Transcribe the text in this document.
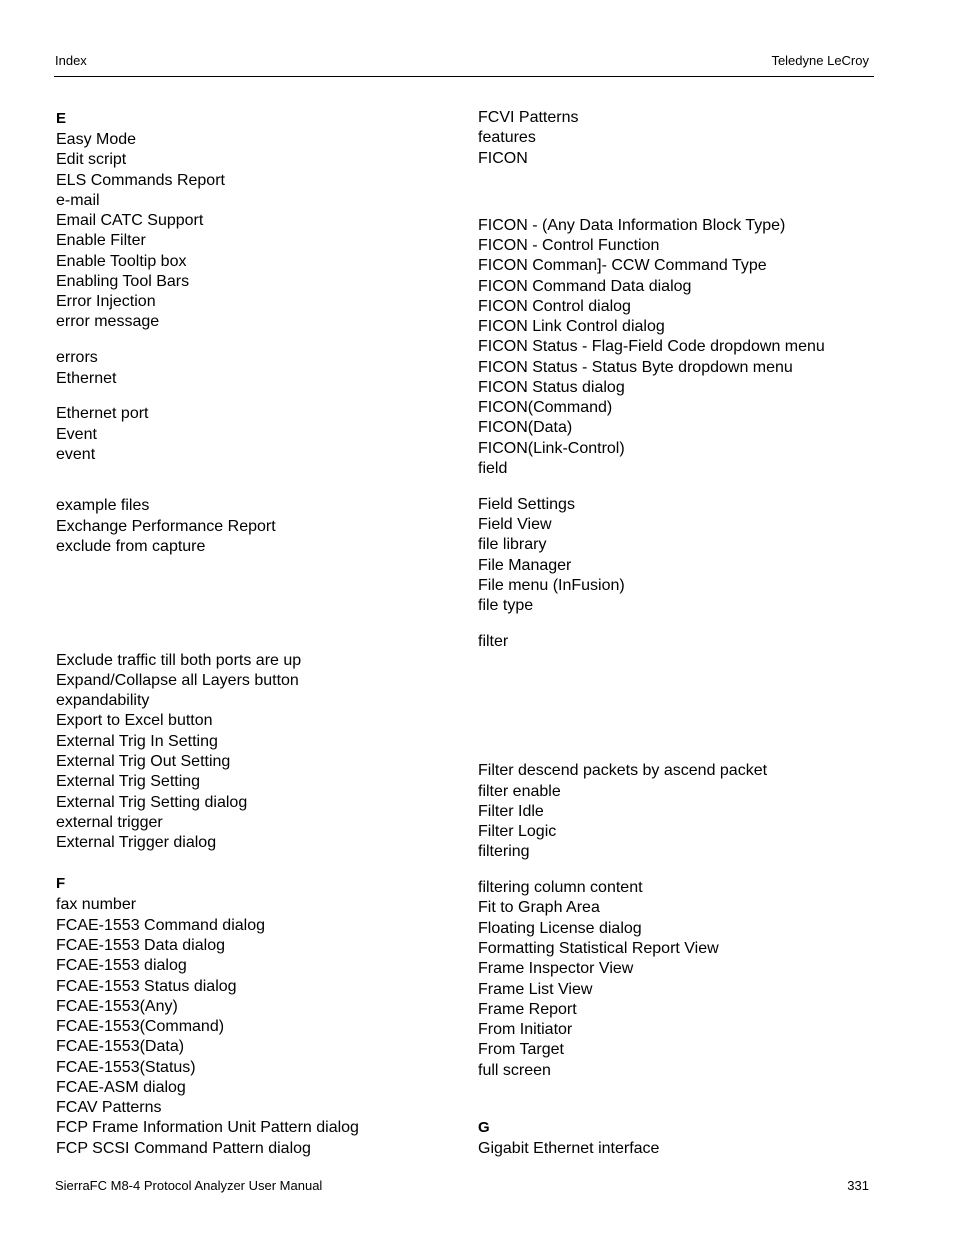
Index	Teledyne LeCroy
E
Easy Mode
Edit script
ELS Commands Report
e-mail
Email CATC Support
Enable Filter
Enable Tooltip box
Enabling Tool Bars
Error Injection
error message
errors
Ethernet
Ethernet port
Event
event
example files
Exchange Performance Report
exclude from capture
Exclude traffic till both ports are up
Expand/Collapse all Layers button
expandability
Export to Excel button
External Trig In Setting
External Trig Out Setting
External Trig Setting
External Trig Setting dialog
external trigger
External Trigger dialog
F
fax number
FCAE-1553 Command dialog
FCAE-1553 Data dialog
FCAE-1553 dialog
FCAE-1553 Status dialog
FCAE-1553(Any)
FCAE-1553(Command)
FCAE-1553(Data)
FCAE-1553(Status)
FCAE-ASM dialog
FCAV Patterns
FCP Frame Information Unit Pattern dialog
FCP SCSI Command Pattern dialog
FCVI Patterns
features
FICON
FICON - (Any Data Information Block Type)
FICON - Control Function
FICON Comman]- CCW Command Type
FICON Command Data dialog
FICON Control dialog
FICON Link Control dialog
FICON Status - Flag-Field Code dropdown menu
FICON Status - Status Byte dropdown menu
FICON Status dialog
FICON(Command)
FICON(Data)
FICON(Link-Control)
field
Field Settings
Field View
file library
File Manager
File menu (InFusion)
file type
filter
Filter descend packets by ascend packet
filter enable
Filter Idle
Filter Logic
filtering
filtering column content
Fit to Graph Area
Floating License dialog
Formatting Statistical Report View
Frame Inspector View
Frame List View
Frame Report
From Initiator
From Target
full screen
G
Gigabit Ethernet interface
SierraFC M8-4 Protocol Analyzer User Manual	331
